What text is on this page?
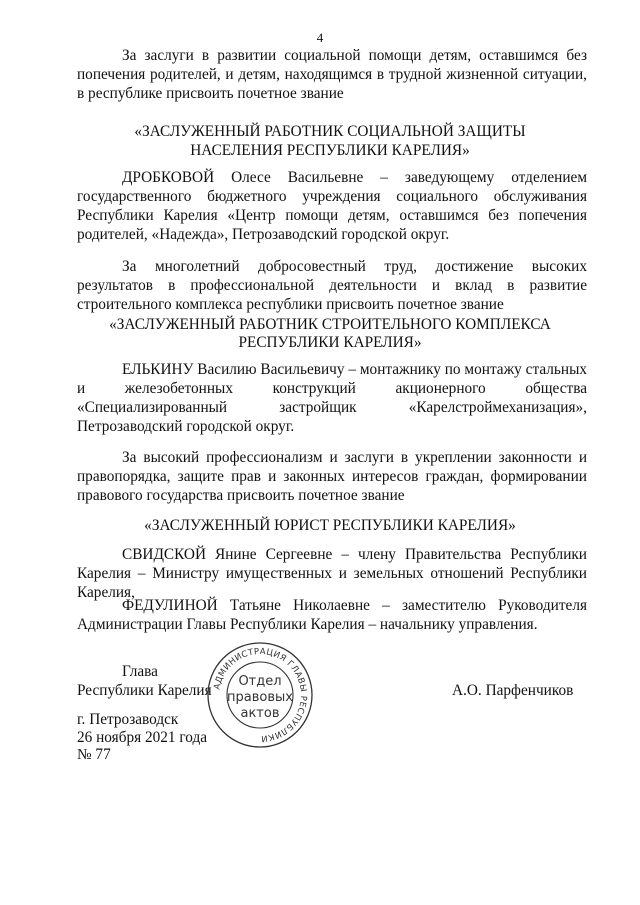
4

За заслуги в развитии социальной помощи детям, оставшимся без попечения родителей, и детям, находящимся в трудной жизненной ситуации, в республике присвоить почетное звание

«ЗАСЛУЖЕННЫЙ РАБОТНИК СОЦИАЛЬНОЙ ЗАЩИТЫ

НАСЕЛЕНИЯ РЕСПУБЛИКИ КАРЕЛИЯ»

ДРОБКОВОЙ Олесе Васильевне – заведующему отделением государственного бюджетного учреждения социального обслуживания Республики Карелия «Центр помощи детям, оставшимся без попечения родителей, «Надежда», Петрозаводский городской округ.

За многолетний добросовестный труд, достижение высоких результатов в профессиональной деятельности и вклад в развитие строительного комплекса республики присвоить почетное звание

«ЗАСЛУЖЕННЫЙ РАБОТНИК СТРОИТЕЛЬНОГО КОМПЛЕКСА

РЕСПУБЛИКИ КАРЕЛИЯ»

ЕЛЬКИНУ Василию Васильевичу – монтажнику по монтажу стальных и железобетонных конструкций акционерного общества «Специализированный застройщик «Карелстроймеханизация», Петрозаводский городской округ.

За высокий профессионализм и заслуги в укреплении законности и правопорядка, защите прав и законных интересов граждан, формировании правового государства присвоить почетное звание

«ЗАСЛУЖЕННЫЙ ЮРИСТ РЕСПУБЛИКИ КАРЕЛИЯ»

СВИДСКОЙ Янине Сергеевне – члену Правительства Республики Карелия – Министру имущественных и земельных отношений Республики Карелия,

ФЕДУЛИНОЙ Татьяне Николаевне – заместителю Руководителя Администрации Главы Республики Карелия – начальнику управления.

Глава
Республики Карелия	А.О. Парфенчиков
г. Петрозаводск
26 ноября 2021 года
№ 77
АДМИНИСТРАЦИЯ ГЛАВЫ РЕСПУБЛИКИ
Отдел
правовых
актов
